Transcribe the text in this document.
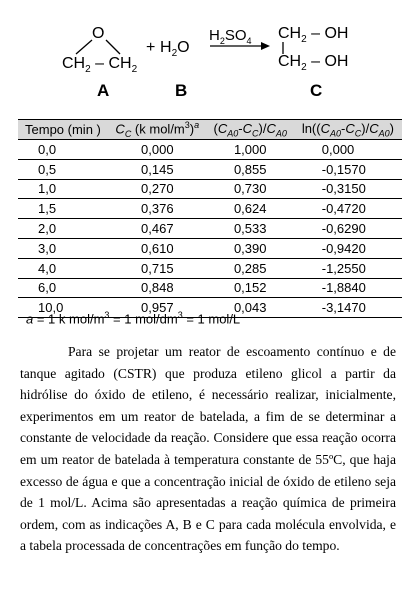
O
$CH_2 - CH_2$
+ $H_2O$
$H_2SO_4$ $CH_2$ – OH
$CH_2$ – OH
A	B	C
Tempo (min )	$C_C$ (k mol/$m^3)^a$	$(C_{A0}-C_C)/C_{A0}$	$\ln((C_{A0}-C_C)/C_{A0})$
0,0	0,000	1,000	0,000
0,5	0,145	0,855	-0,1570
1,0	0,270	0,730	-0,3150
1,5	0,376	0,624	-0,4720
2,0	0,467	0,533	-0,6290
3,0	0,610	0,390	-0,9420
4,0	0,715	0,285	-1,2550
6,0	0,848	0,152	-1,8840
10,0	0,957	0,043	-3,1470
a = 1 k mol/$m^3 = 1$ mol/$dm^3 = 1$ mol/L

Para se projetar um reator de escoamento contínuo e de tanque agitado (CSTR) que produza etileno glicol a partir da hidrólise do óxido de etileno, é necessário realizar, inicialmente, experimentos em um reator de batelada, a fim de se determinar a constante de velocidade da reação. Considere que essa reação ocorra em um reator de batelada à temperatura constante de 55ºC, que haja excesso de água e que a concentração inicial de óxido de etileno seja de 1 mol/L. Acima são apresentadas a reação química de primeira ordem, com as indicações A, B e C para cada molécula envolvida, e a tabela processada de concentrações em função do tempo.
